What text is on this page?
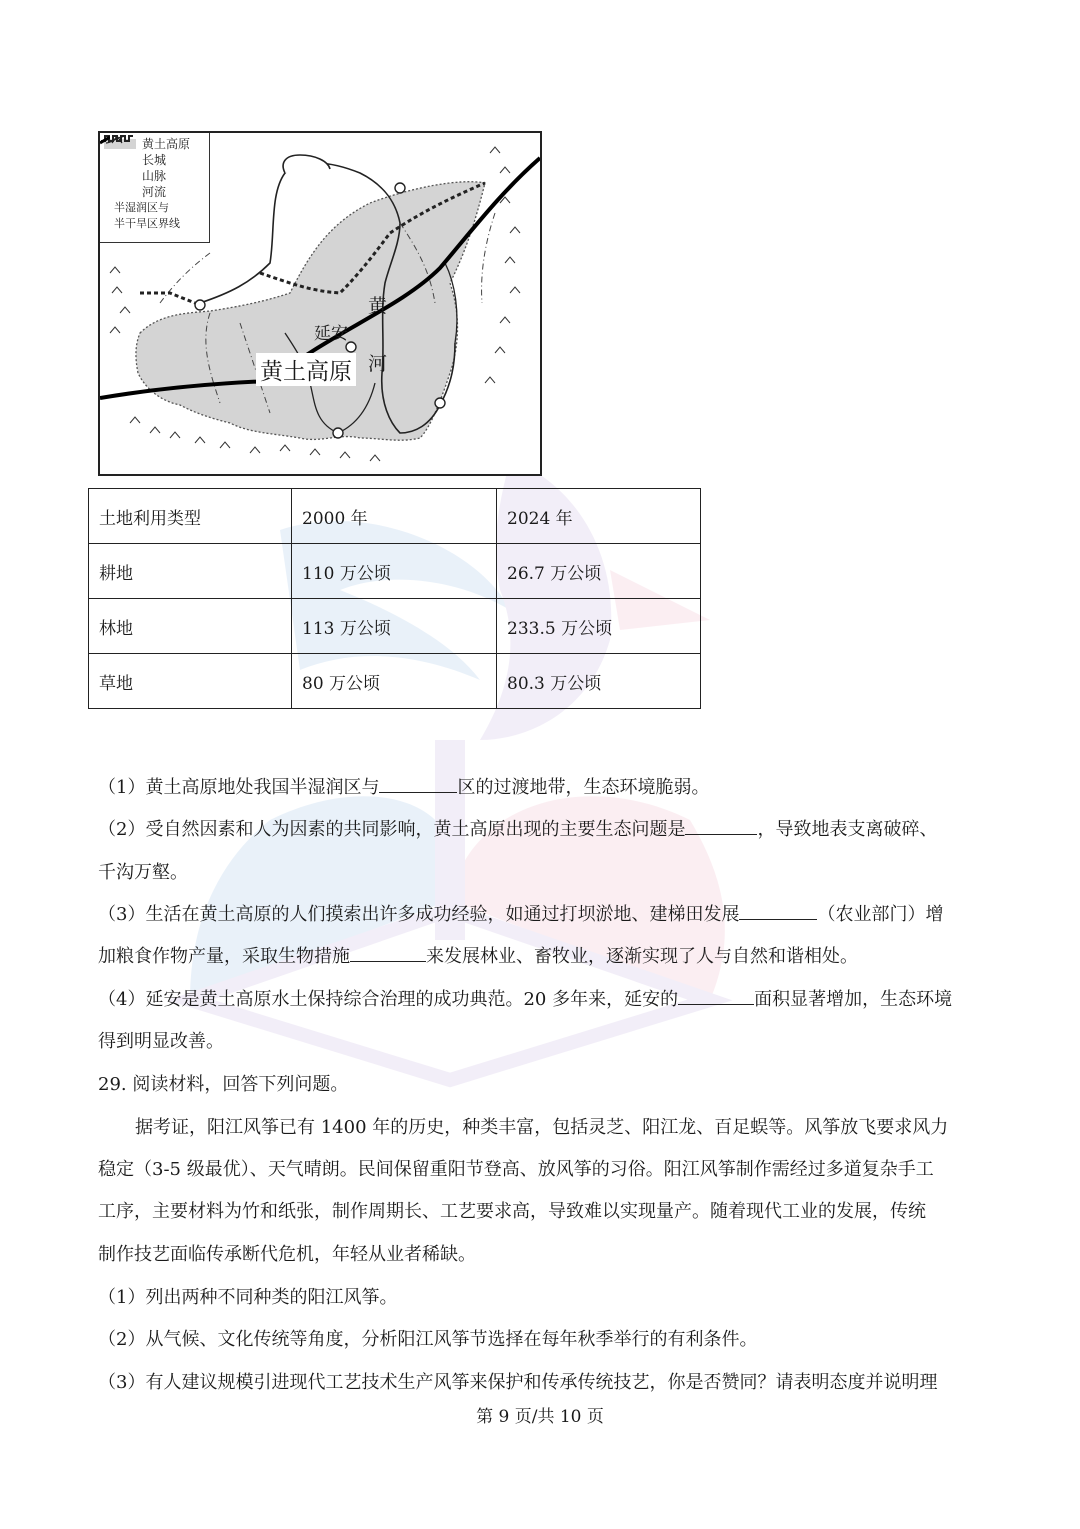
黄土高原
长城
山脉
河流
半湿润区与
半干旱区界线
黄
延安
河
黄土高原
土地利用类型	2000 年	2024 年
耕地	110 万公顷	26.7 万公顷
林地	113 万公顷	233.5 万公顷
草地	80 万公顷	80.3 万公顷
（1）黄土高原地处我国半湿润区与	区的过渡地带，生态环境脆弱。
（2）受自然因素和人为因素的共同影响，黄土高原出现的主要生态问题是	，导致地表支离破碎、
千沟万壑。
（3）生活在黄土高原的人们摸索出许多成功经验，如通过打坝淤地、建梯田发展	（农业部门）增
加粮食作物产量，采取生物措施	来发展林业、畜牧业，逐渐实现了人与自然和谐相处。
（4）延安是黄土高原水土保持综合治理的成功典范。20 多年来，延安的	面积显著增加，生态环境
得到明显改善。
29. 阅读材料，回答下列问题。
据考证，阳江风筝已有 1400 年的历史，种类丰富，包括灵芝、阳江龙、百足蜈等。风筝放飞要求风力
稳定（3-5 级最优）、天气晴朗。民间保留重阳节登高、放风筝的习俗。阳江风筝制作需经过多道复杂手工
工序，主要材料为竹和纸张，制作周期长、工艺要求高，导致难以实现量产。随着现代工业的发展，传统
制作技艺面临传承断代危机，年轻从业者稀缺。
（1）列出两种不同种类的阳江风筝。
（2）从气候、文化传统等角度，分析阳江风筝节选择在每年秋季举行的有利条件。
（3）有人建议规模引进现代工艺技术生产风筝来保护和传承传统技艺，你是否赞同？请表明态度并说明理
第 9 页/共 10 页
